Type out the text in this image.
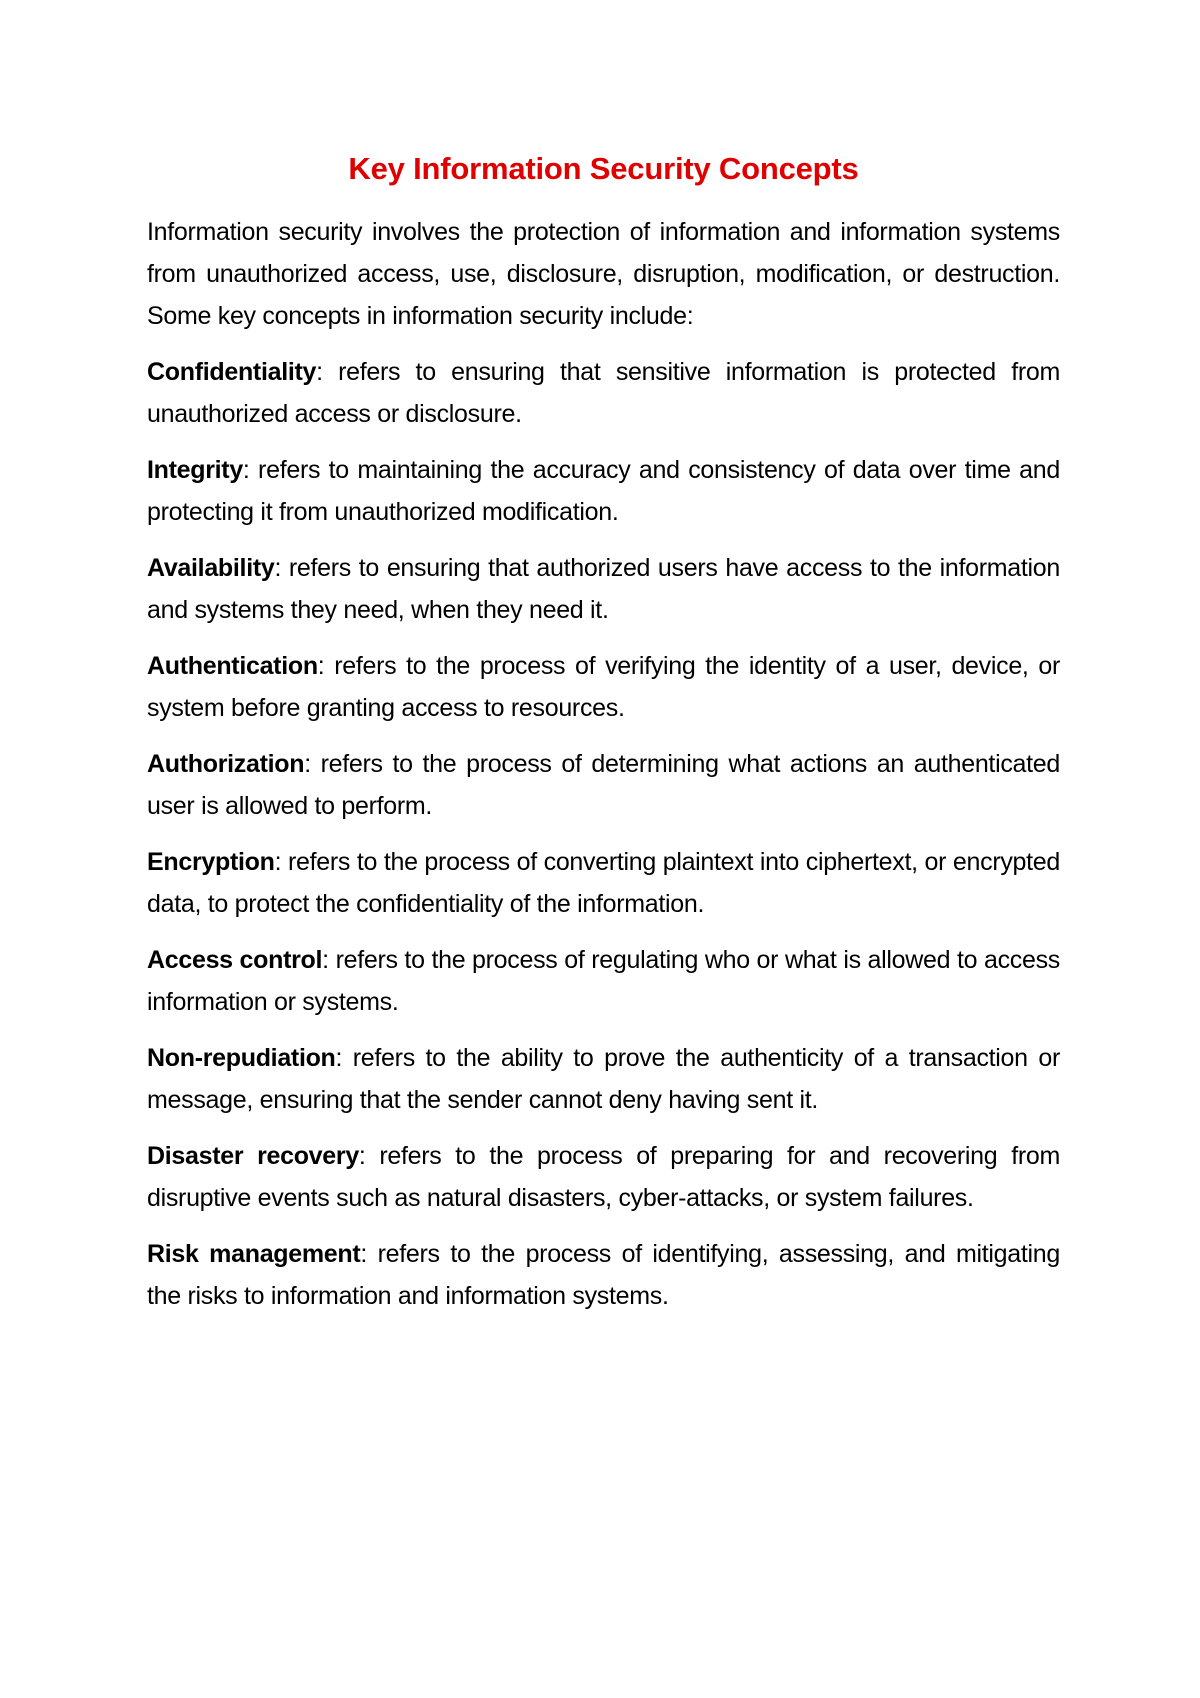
Key Information Security Concepts

Information security involves the protection of information and information systems from unauthorized access, use, disclosure, disruption, modification, or destruction. Some key concepts in information security include:

Confidentiality: refers to ensuring that sensitive information is protected from unauthorized access or disclosure.

Integrity: refers to maintaining the accuracy and consistency of data over time and protecting it from unauthorized modification.

Availability: refers to ensuring that authorized users have access to the information and systems they need, when they need it.

Authentication: refers to the process of verifying the identity of a user, device, or system before granting access to resources.

Authorization: refers to the process of determining what actions an authenticated user is allowed to perform.

Encryption: refers to the process of converting plaintext into ciphertext, or encrypted data, to protect the confidentiality of the information.

Access control: refers to the process of regulating who or what is allowed to access information or systems.

Non-repudiation: refers to the ability to prove the authenticity of a transaction or message, ensuring that the sender cannot deny having sent it.

Disaster recovery: refers to the process of preparing for and recovering from disruptive events such as natural disasters, cyber-attacks, or system failures.

Risk management: refers to the process of identifying, assessing, and mitigating the risks to information and information systems.
